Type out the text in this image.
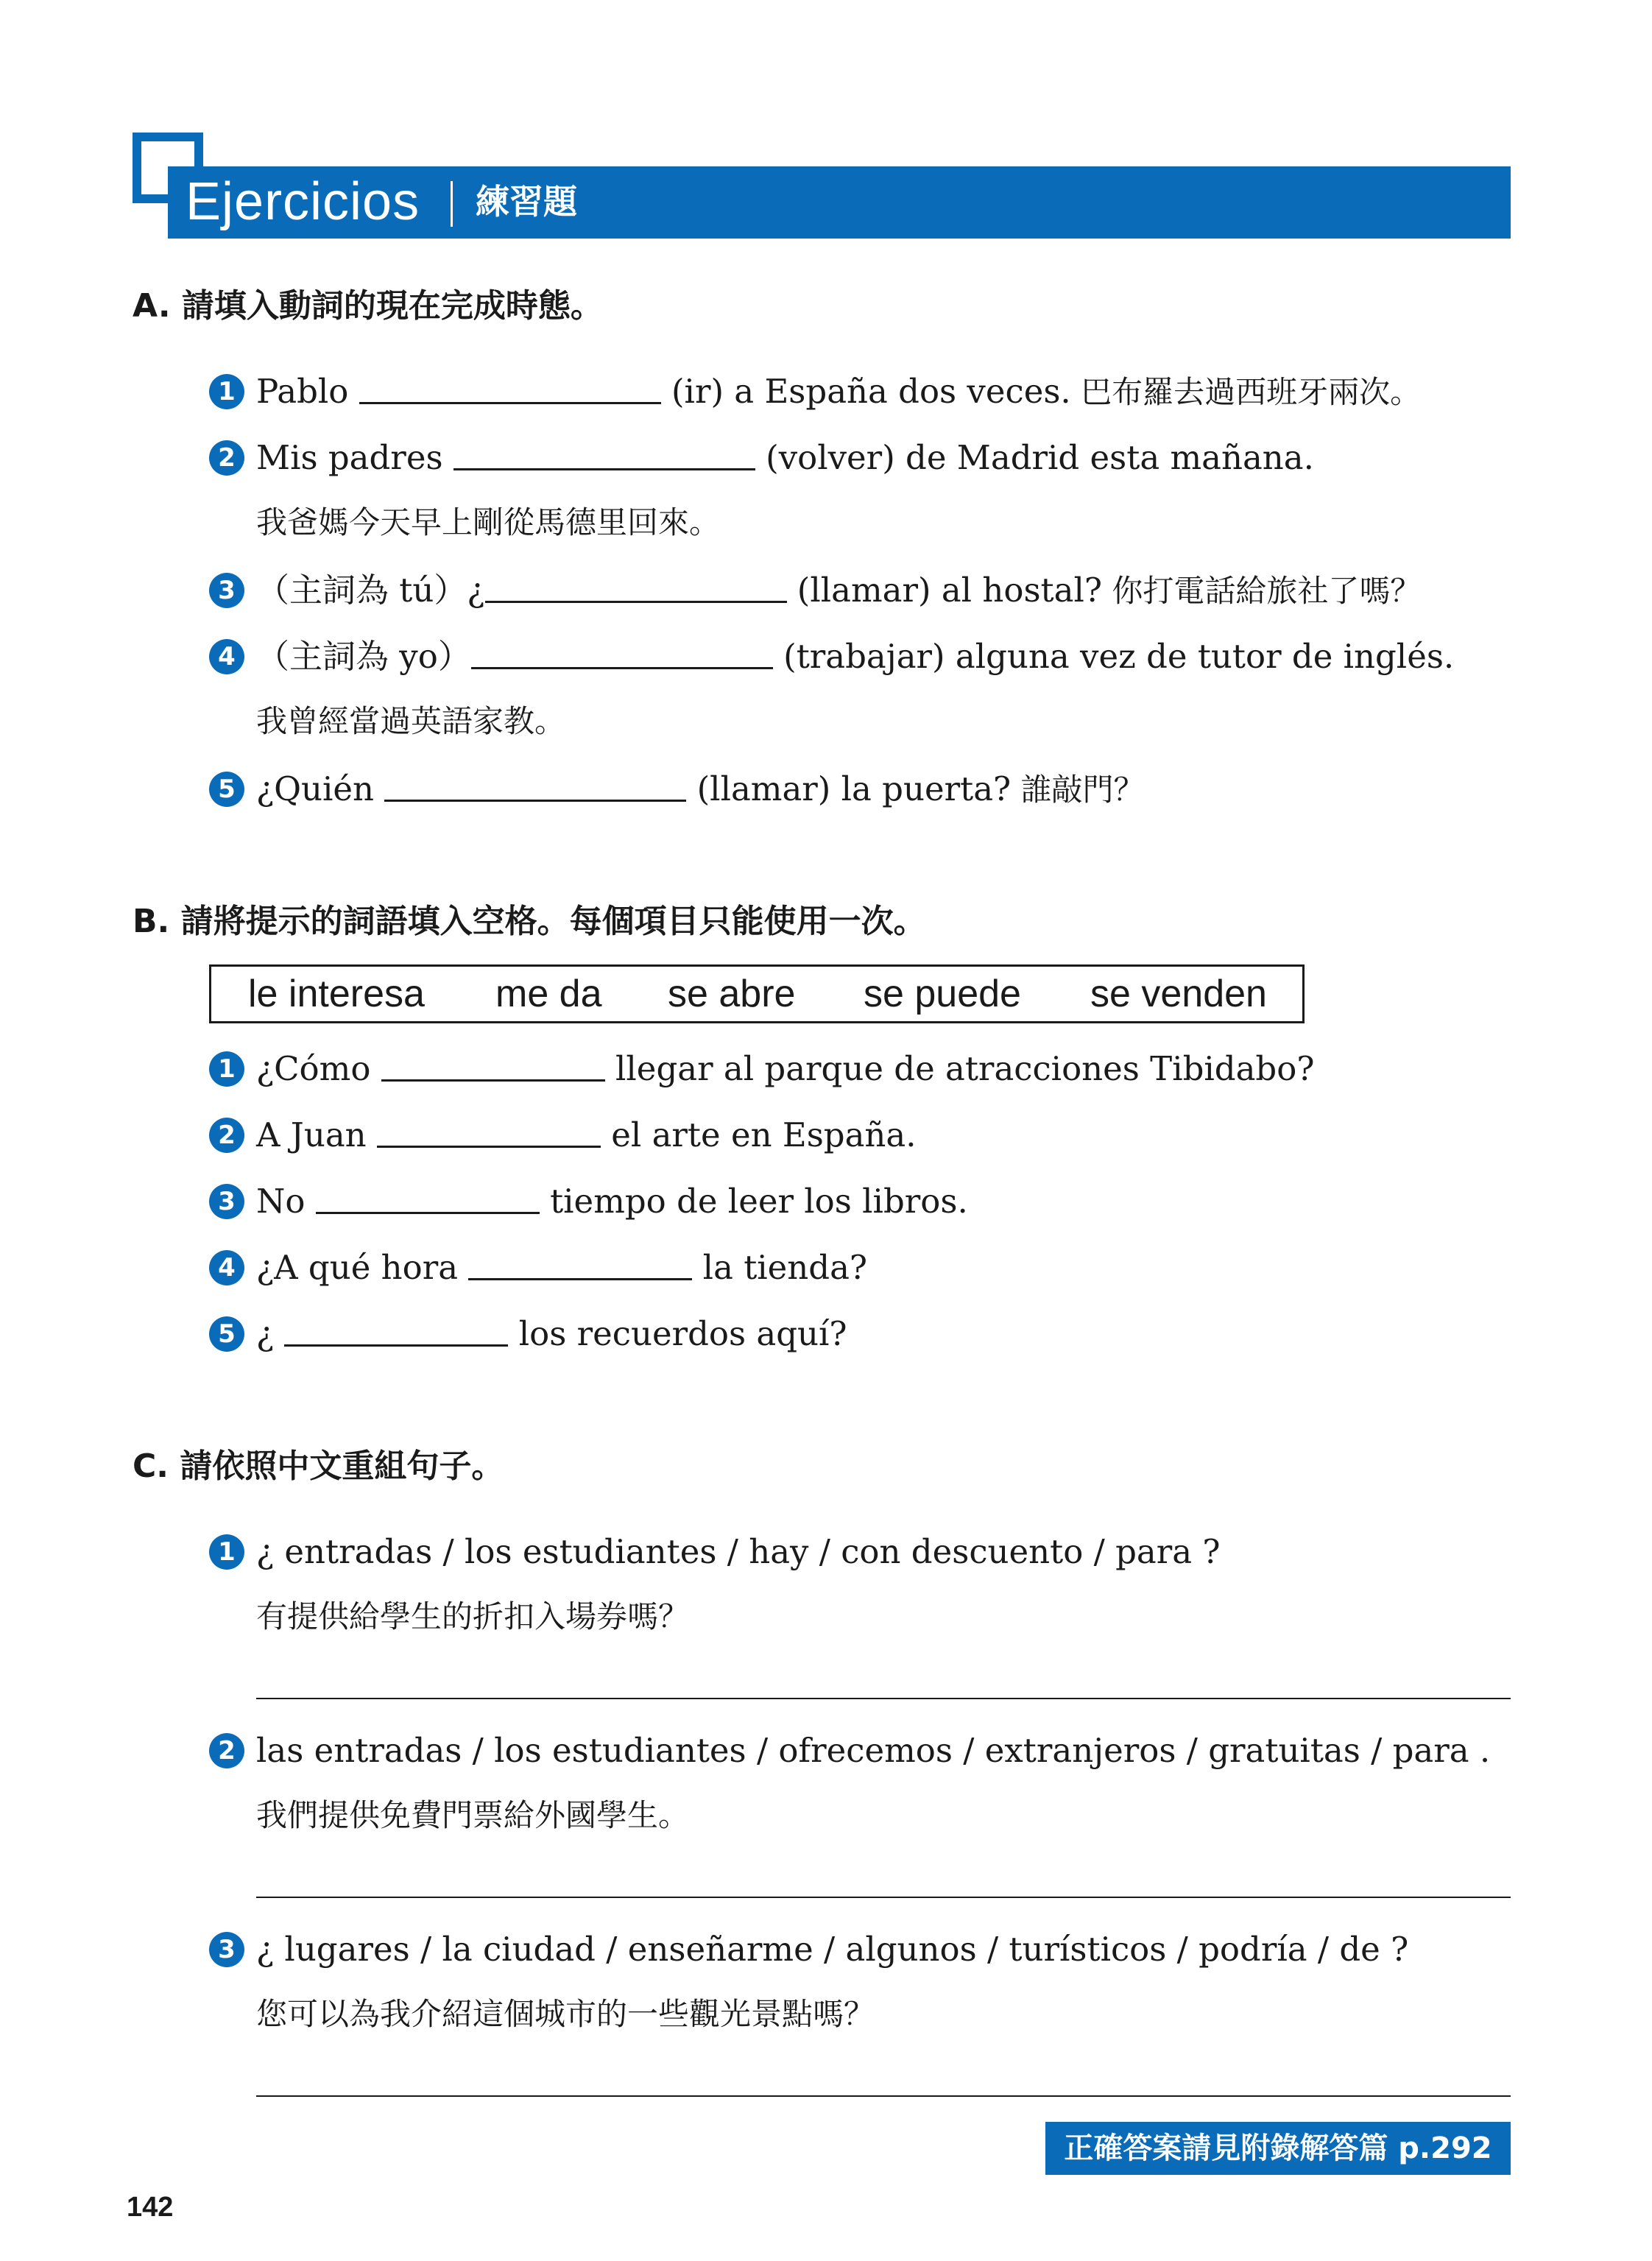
Ejercicios 練習題
A. 請填入動詞的現在完成時態。
1 Pablo	(ir) a España dos veces. 巴布羅去過西班牙兩次。
2 Mis padres	(volver) de Madrid esta mañana.
我爸媽今天早上剛從馬德里回來。
3 （主詞為 tú）¿	(llamar) al hostal? 你打電話給旅社了嗎？
4 （主詞為 yo）	(trabajar) alguna vez de tutor de inglés.
我曾經當過英語家教。
5 ¿Quién	(llamar) la puerta? 誰敲門？
B. 請將提示的詞語填入空格。每個項目只能使用一次。
le interesa me da se abre se puede se venden
1 ¿Cómo	llegar al parque de atracciones Tibidabo?
2 A Juan	el arte en España.
3 No	tiempo de leer los libros.
4 ¿A qué hora	la tienda?
5 ¿	los recuerdos aquí?
C. 請依照中文重組句子。
1 ¿ entradas / los estudiantes / hay / con descuento / para ?
有提供給學生的折扣入場券嗎？
2 las entradas / los estudiantes / ofrecemos / extranjeros / gratuitas / para .
我們提供免費門票給外國學生。
3 ¿ lugares / la ciudad / enseñarme / algunos / turísticos / podría / de ?
您可以為我介紹這個城市的一些觀光景點嗎？
正確答案請見附錄解答篇 p.292
142
